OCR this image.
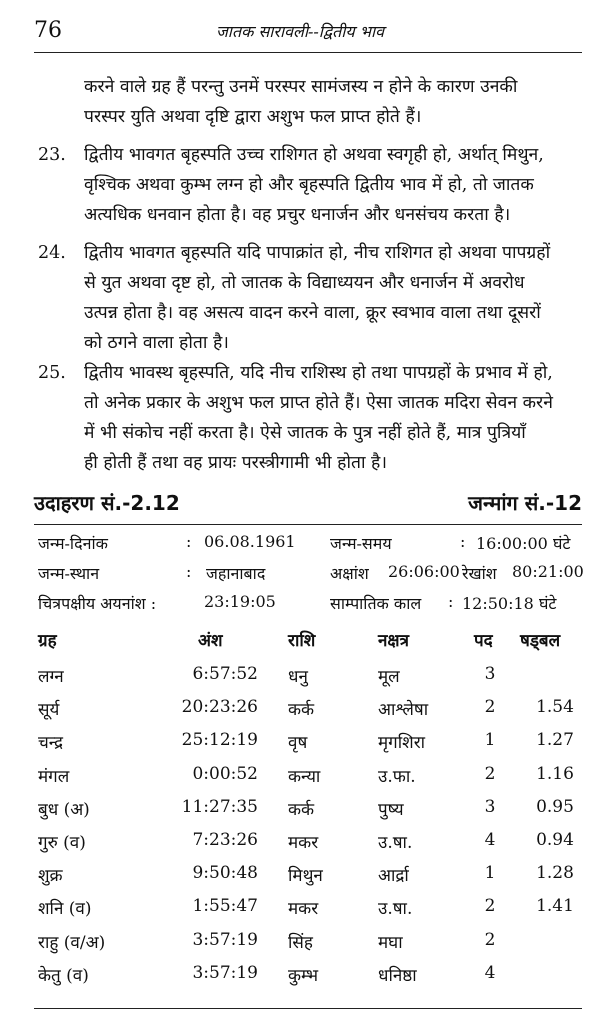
76	जातक सारावली--द्वितीय भाव
करने वाले ग्रह हैं परन्तु उनमें परस्पर सामंजस्य न होने के कारण उनकी
परस्पर युति अथवा दृष्टि द्वारा अशुभ फल प्राप्त होते हैं।
23.	द्वितीय भावगत बृहस्पति उच्च राशिगत हो अथवा स्वगृही हो, अर्थात् मिथुन,
वृश्चिक अथवा कुम्भ लग्न हो और बृहस्पति द्वितीय भाव में हो, तो जातक
अत्यधिक धनवान होता है। वह प्रचुर धनार्जन और धनसंचय करता है।
24.	द्वितीय भावगत बृहस्पति यदि पापाक्रांत हो, नीच राशिगत हो अथवा पापग्रहों
से युत अथवा दृष्ट हो, तो जातक के विद्याध्ययन और धनार्जन में अवरोध
उत्पन्न होता है। वह असत्य वादन करने वाला, क्रूर स्वभाव वाला तथा दूसरों
को ठगने वाला होता है।
25.	द्वितीय भावस्थ बृहस्पति, यदि नीच राशिस्थ हो तथा पापग्रहों के प्रभाव में हो,
तो अनेक प्रकार के अशुभ फल प्राप्त होते हैं। ऐसा जातक मदिरा सेवन करने
में भी संकोच नहीं करता है। ऐसे जातक के पुत्र नहीं होते हैं, मात्र पुत्रियाँ
ही होती हैं तथा वह प्रायः परस्त्रीगामी भी होता है।
उदाहरण सं.-2.12	जन्मांग सं.-12
जन्म-दिनांक	: 06.08.1961 जन्म-समय	: 16:00:00 घंटे
जन्म-स्थान	: जहानाबाद	अक्षांश 26:06:00 रेखांश 80:21:00
चित्रपक्षीय अयनांश :	23:19:05	साम्पातिक काल : 12:50:18 घंटे
ग्रह	अंश	राशि	नक्षत्र	पद षड्बल
लग्न	6:57:52 धनु	मूल	3
सूर्य	20:23:26 कर्क	आश्लेषा	2	1.54
चन्द्र	25:12:19 वृष	मृगशिरा	1	1.27
मंगल	0:00:52 कन्या	उ.फा.	2	1.16
बुध (अ)	11:27:35 कर्क	पुष्य	3	0.95
गुरु (व)	7:23:26 मकर	उ.षा.	4	0.94
शुक्र	9:50:48 मिथुन	आर्द्रा	1	1.28
शनि (व)	1:55:47 मकर	उ.षा.	2	1.41
राहु (व/अ)	3:57:19 सिंह	मघा	2
केतु (व)	3:57:19 कुम्भ	धनिष्ठा	4
